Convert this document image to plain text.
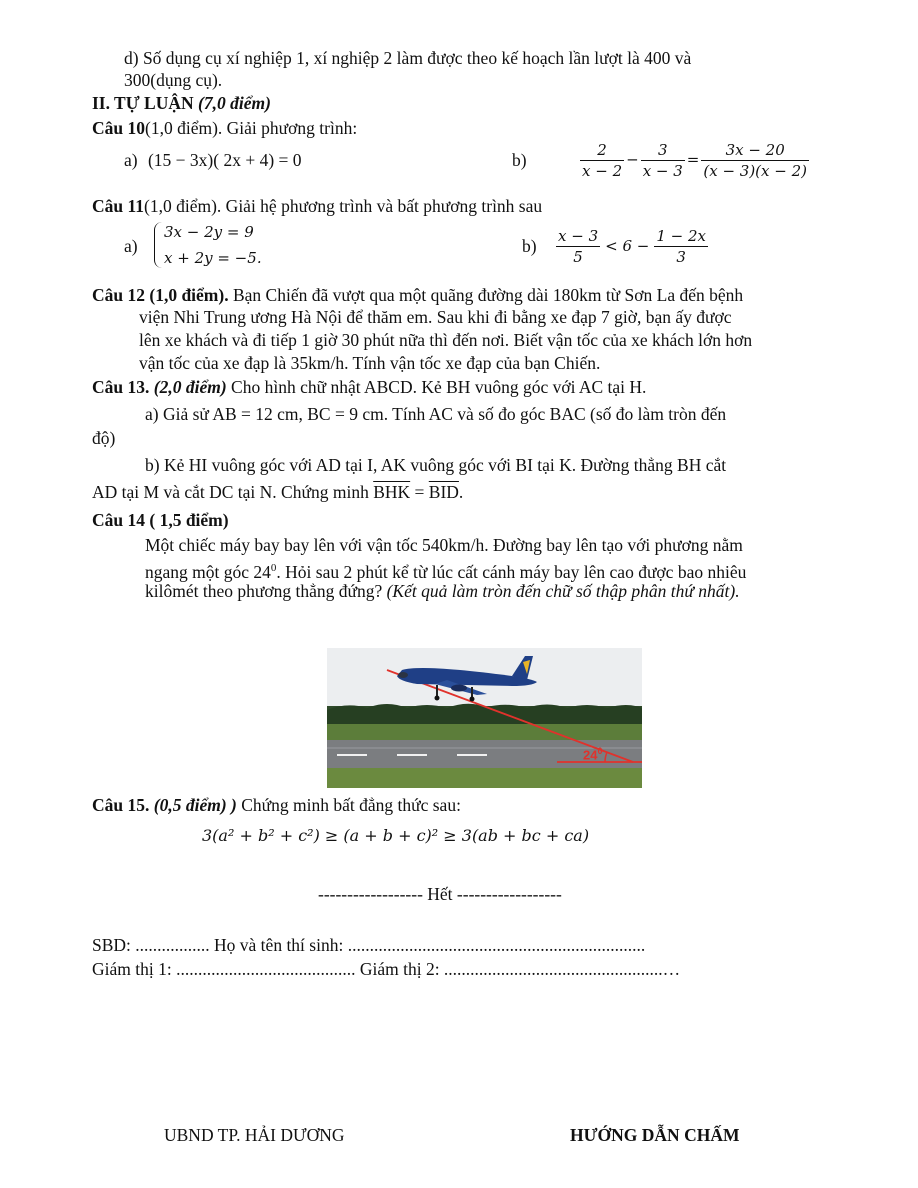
d) Số dụng cụ xí nghiệp 1, xí nghiệp 2 làm được theo kế hoạch lần lượt là 400 và
300(dụng cụ).
II. TỰ LUẬN (7,0 điểm)
Câu 10(1,0 điểm). Giải phương trình:
a) (15 − 3x)( 2x + 4) = 0	b)	$\frac{2}{x - 2} - \frac{3}{x - 3} = \frac{3x - 20}{(x - 3)(x - 2)}$
Câu 11(1,0 điểm). Giải hệ phương trình và bất phương trình sau
a)
3x − 2y = 9
x + 2y = −5.
$b) \frac{x - 3}{5} < 6 - \frac{1 - 2x}{3}$
Câu 12 (1,0 điểm). Bạn Chiến đã vượt qua một quãng đường dài 180km từ Sơn La đến bệnh
viện Nhi Trung ương Hà Nội để thăm em. Sau khi đi bằng xe đạp 7 giờ, bạn ấy được
lên xe khách và đi tiếp 1 giờ 30 phút nữa thì đến nơi. Biết vận tốc của xe khách lớn hơn
vận tốc của xe đạp là 35km/h. Tính vận tốc xe đạp của bạn Chiến.
Câu 13. (2,0 điểm) Cho hình chữ nhật ABCD. Kẻ BH vuông góc với AC tại H.
a) Giả sử AB = 12 cm, BC = 9 cm. Tính AC và số đo góc BAC (số đo làm tròn đến
độ)
b) Kẻ HI vuông góc với AD tại I, AK vuông góc với BI tại K. Đường thẳng BH cắt
AD tại M và cắt DC tại N. Chứng minh $\overline{BHK} = \overline{BID}$.
Câu 14 ( 1,5 điểm)
Một chiếc máy bay bay lên với vận tốc 540km/h. Đường bay lên tạo với phương nằm
ngang một góc $24^0$. Hỏi sau 2 phút kể từ lúc cất cánh máy bay lên cao được bao nhiêu
kilômét theo phương thẳng đứng? (Kết quả làm tròn đến chữ số thập phân thứ nhất).
$24^0$
Câu 15. (0,5 điểm) ) Chứng minh bất đẳng thức sau:
3(a² + b² + c²) ≥ (a + b + c)² ≥ 3(ab + bc + ca)
------------------ Hết ------------------
SBD: ................. Họ và tên thí sinh: ....................................................................
Giám thị 1: ......................................... Giám thị 2: ..................................................…
UBND TP. HẢI DƯƠNG	HƯỚNG DẪN CHẤM
